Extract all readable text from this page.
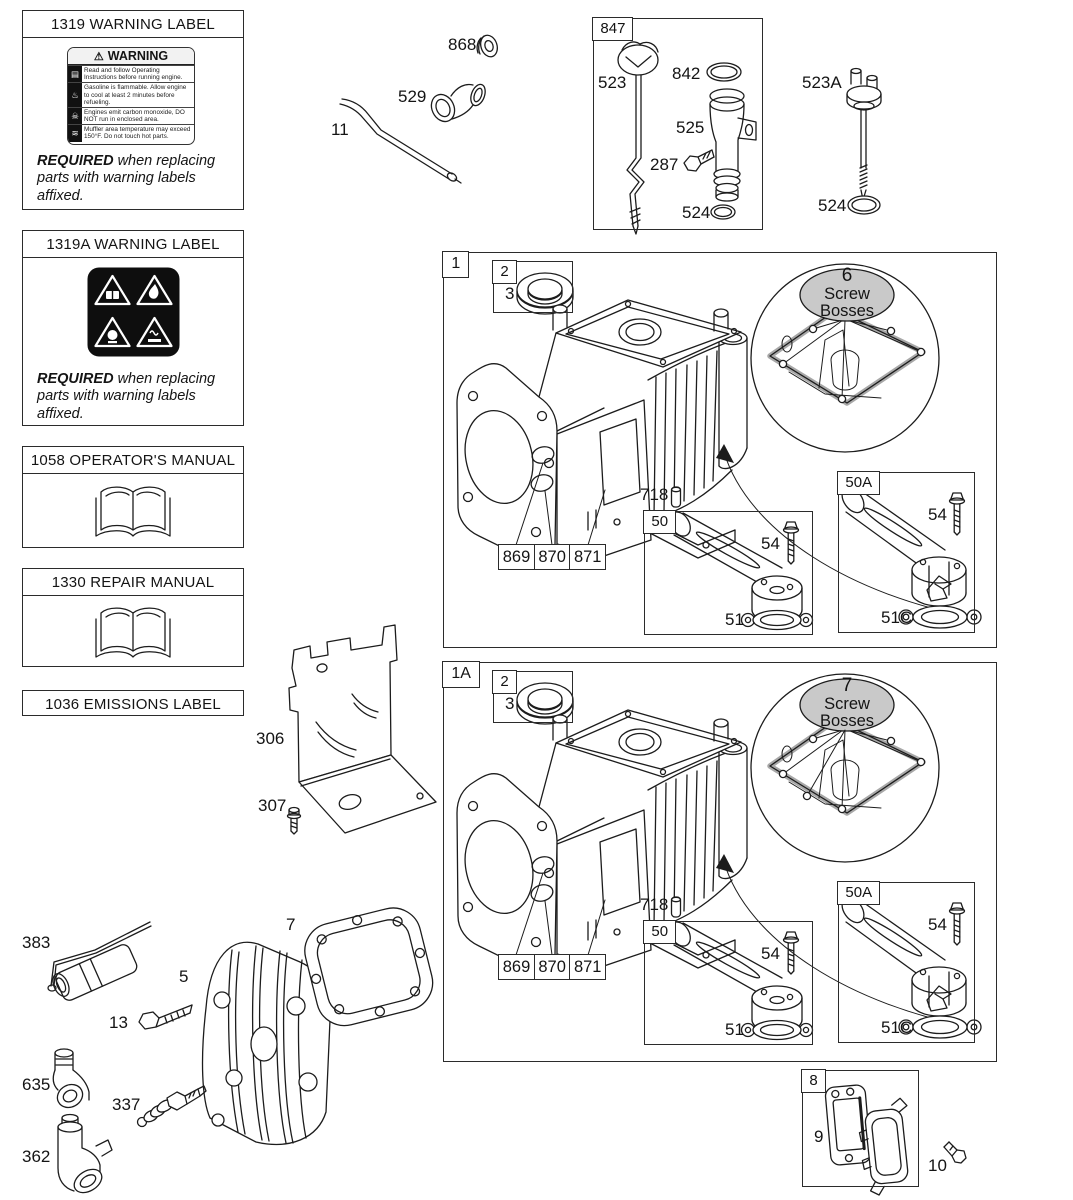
1319 WARNING LABEL
⚠ WARNING
▤ Read and follow Operating Instructions before running engine.
♨
Gasoline is flammable. Allow engine to cool at least 2 minutes before refueling.
☠ Engines emit carbon monoxide, DO NOT run in enclosed area.
≋ Muffler area temperature may exceed 150°F. Do not touch hot parts.
REQUIRED when replacing parts with warning labels affixed.
1319A WARNING LABEL
REQUIRED when replacing parts with warning labels affixed.
1058 OPERATOR'S MANUAL
1330 REPAIR MANUAL
1036 EMISSIONS LABEL
847
1	2
50
50A
1A	2
50
50A
8
869 870 871
869 870 871
6
Screw
Bosses
7
Screw
Bosses
868
529
11
523	842
525
287
524
523A
524
3
718
54
51
54
51C
3
718
54
51
54
51C
306
307
383
5
13
7
635
337
362
9
10
